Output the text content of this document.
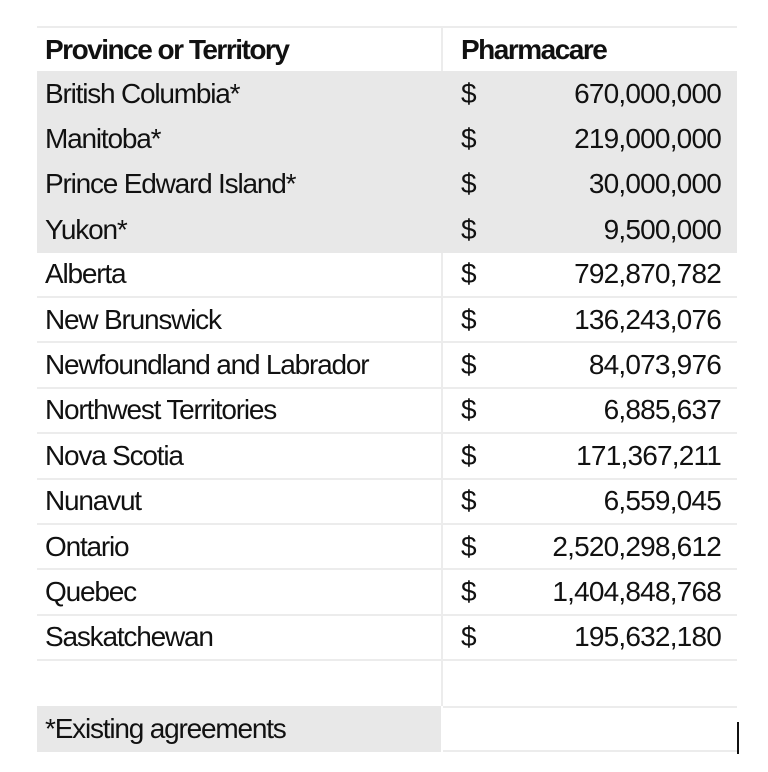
Province or Territory	Pharmacare
British Columbia*	$	670,000,000
Manitoba*	$	219,000,000
Prince Edward Island*	$	30,000,000
Yukon*	$	9,500,000
Alberta	$	792,870,782
New Brunswick	$	136,243,076
Newfoundland and Labrador	$	84,073,976
Northwest Territories	$	6,885,637
Nova Scotia	$	171,367,211
Nunavut	$	6,559,045
Ontario	$	2,520,298,612
Quebec	$	1,404,848,768
Saskatchewan	$	195,632,180
*Existing agreements
